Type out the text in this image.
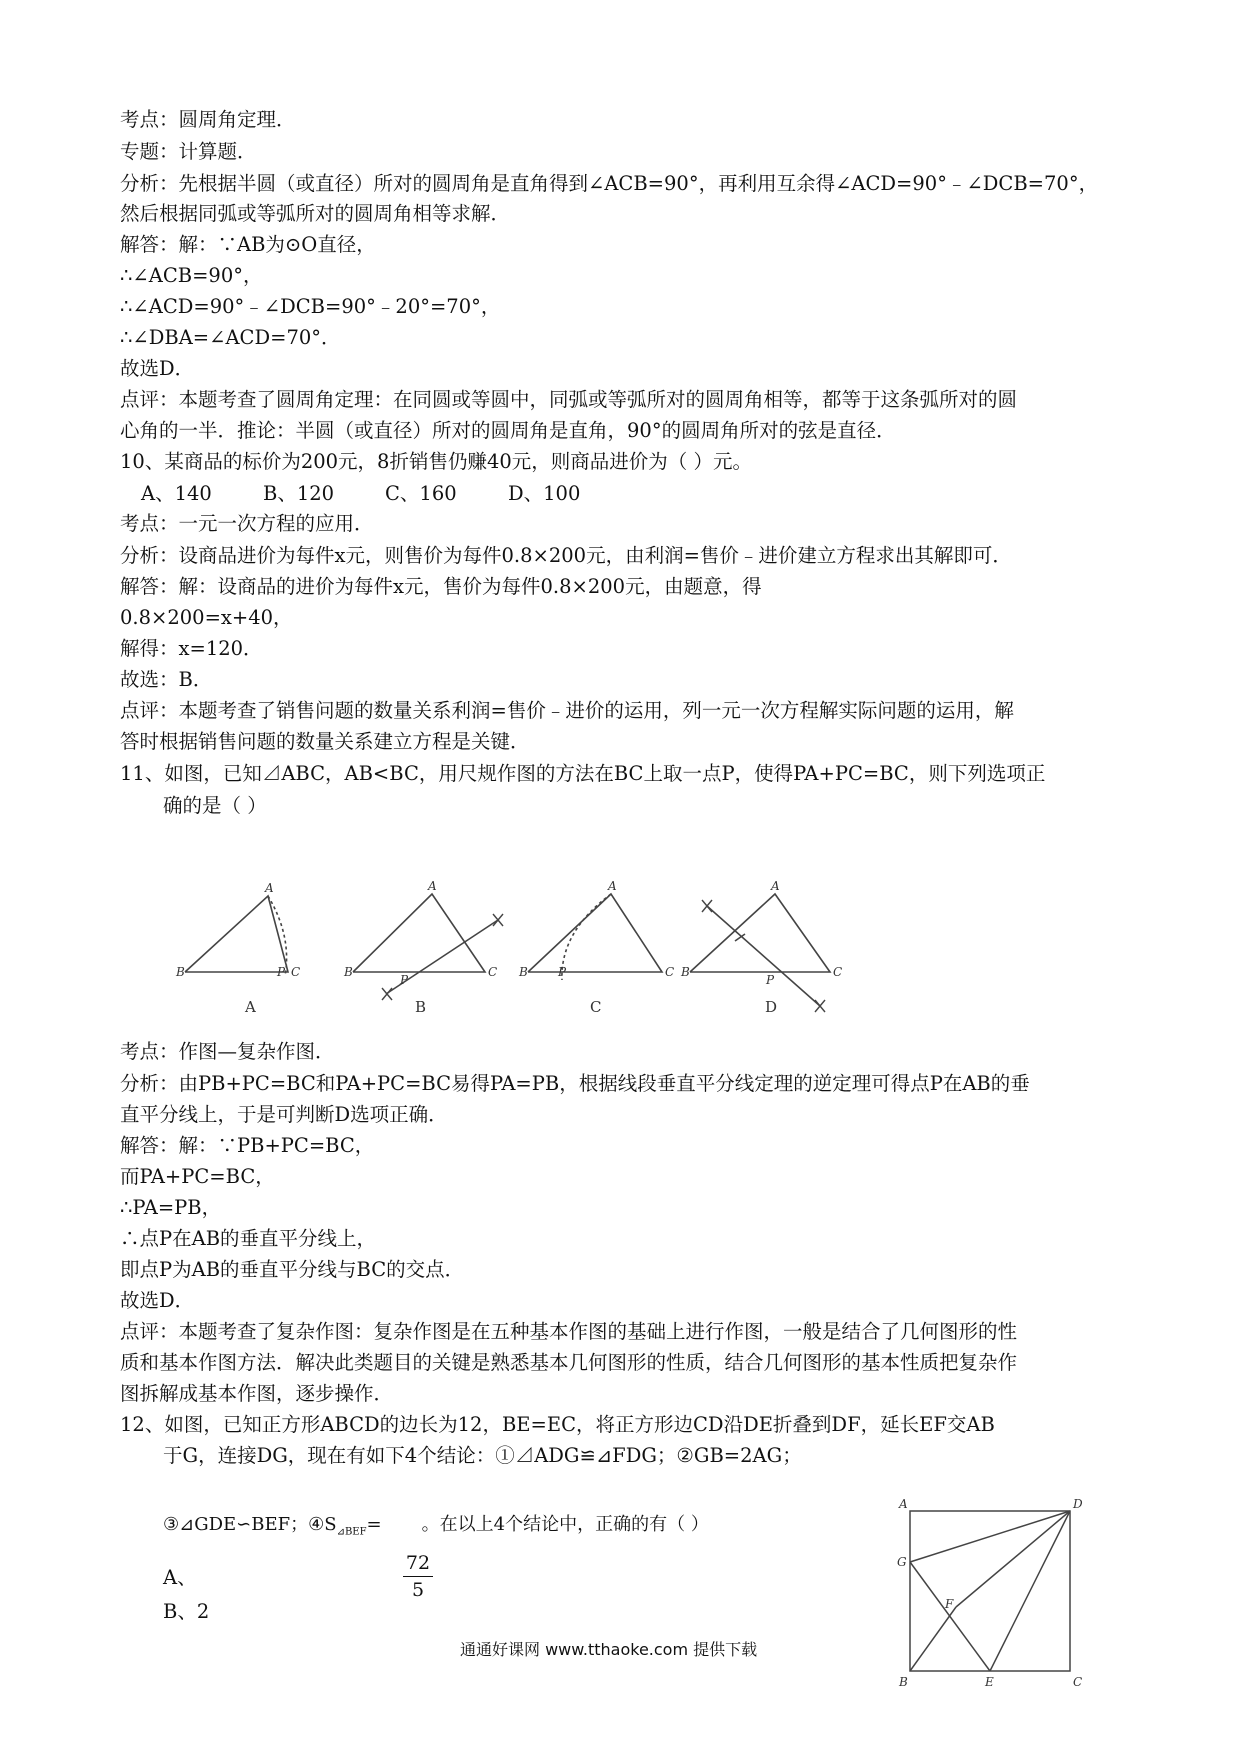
考点：圆周角定理．
专题：计算题．
分析：先根据半圆（或直径）所对的圆周角是直角得到∠ACB=90°，再利用互余得∠ACD=90°﹣∠DCB=70°，
然后根据同弧或等弧所对的圆周角相等求解．
解答：解：∵AB为⊙O直径，
∴∠ACB=90°，
∴∠ACD=90°﹣∠DCB=90°﹣20°=70°，
∴∠DBA=∠ACD=70°．
故选D．
点评：本题考查了圆周角定理：在同圆或等圆中，同弧或等弧所对的圆周角相等，都等于这条弧所对的圆
心角的一半．推论：半圆（或直径）所对的圆周角是直角，90°的圆周角所对的弦是直径．
10、某商品的标价为200元，8折销售仍赚40元，则商品进价为（ ）元。
A、140	B、120	C、160	D、100
考点：一元一次方程的应用．
分析：设商品进价为每件x元，则售价为每件0.8×200元，由利润=售价﹣进价建立方程求出其解即可．
解答：解：设商品的进价为每件x元，售价为每件0.8×200元，由题意，得
0.8×200=x+40，
解得：x=120．
故选：B．
点评：本题考查了销售问题的数量关系利润=售价﹣进价的运用，列一元一次方程解实际问题的运用，解
答时根据销售问题的数量关系建立方程是关键．
11、如图，已知⊿ABC，AB<BC，用尺规作图的方法在BC上取一点P，使得PA+PC=BC，则下列选项正
确的是（ ）
A
B	C
P
A
B	C
P
A
B	C
P
A
B	C
P
A	B	C	D
考点：作图—复杂作图．
分析：由PB+PC=BC和PA+PC=BC易得PA=PB，根据线段垂直平分线定理的逆定理可得点P在AB的垂
直平分线上，于是可判断D选项正确．
解答：解：∵PB+PC=BC，
而PA+PC=BC，
∴PA=PB，
∴点P在AB的垂直平分线上，
即点P为AB的垂直平分线与BC的交点．
故选D．
点评：本题考查了复杂作图：复杂作图是在五种基本作图的基础上进行作图，一般是结合了几何图形的性
质和基本作图方法．解决此类题目的关键是熟悉基本几何图形的性质，结合几何图形的基本性质把复杂作
图拆解成基本作图，逐步操作．
12、如图，已知正方形ABCD的边长为12，BE=EC，将正方形边CD沿DE折叠到DF，延长EF交AB
于G，连接DG，现在有如下4个结论：①⊿ADG≌⊿FDG；②GB=2AG；
③⊿GDE∽BEF；$④S_{⊿BEF}=$ 。在以上4个结论中，正确的有（ ）
$\frac{72}{5}$
A、
B、2
A	D
B	C
E
F
G
通通好课网 www.tthaoke.com 提供下载
